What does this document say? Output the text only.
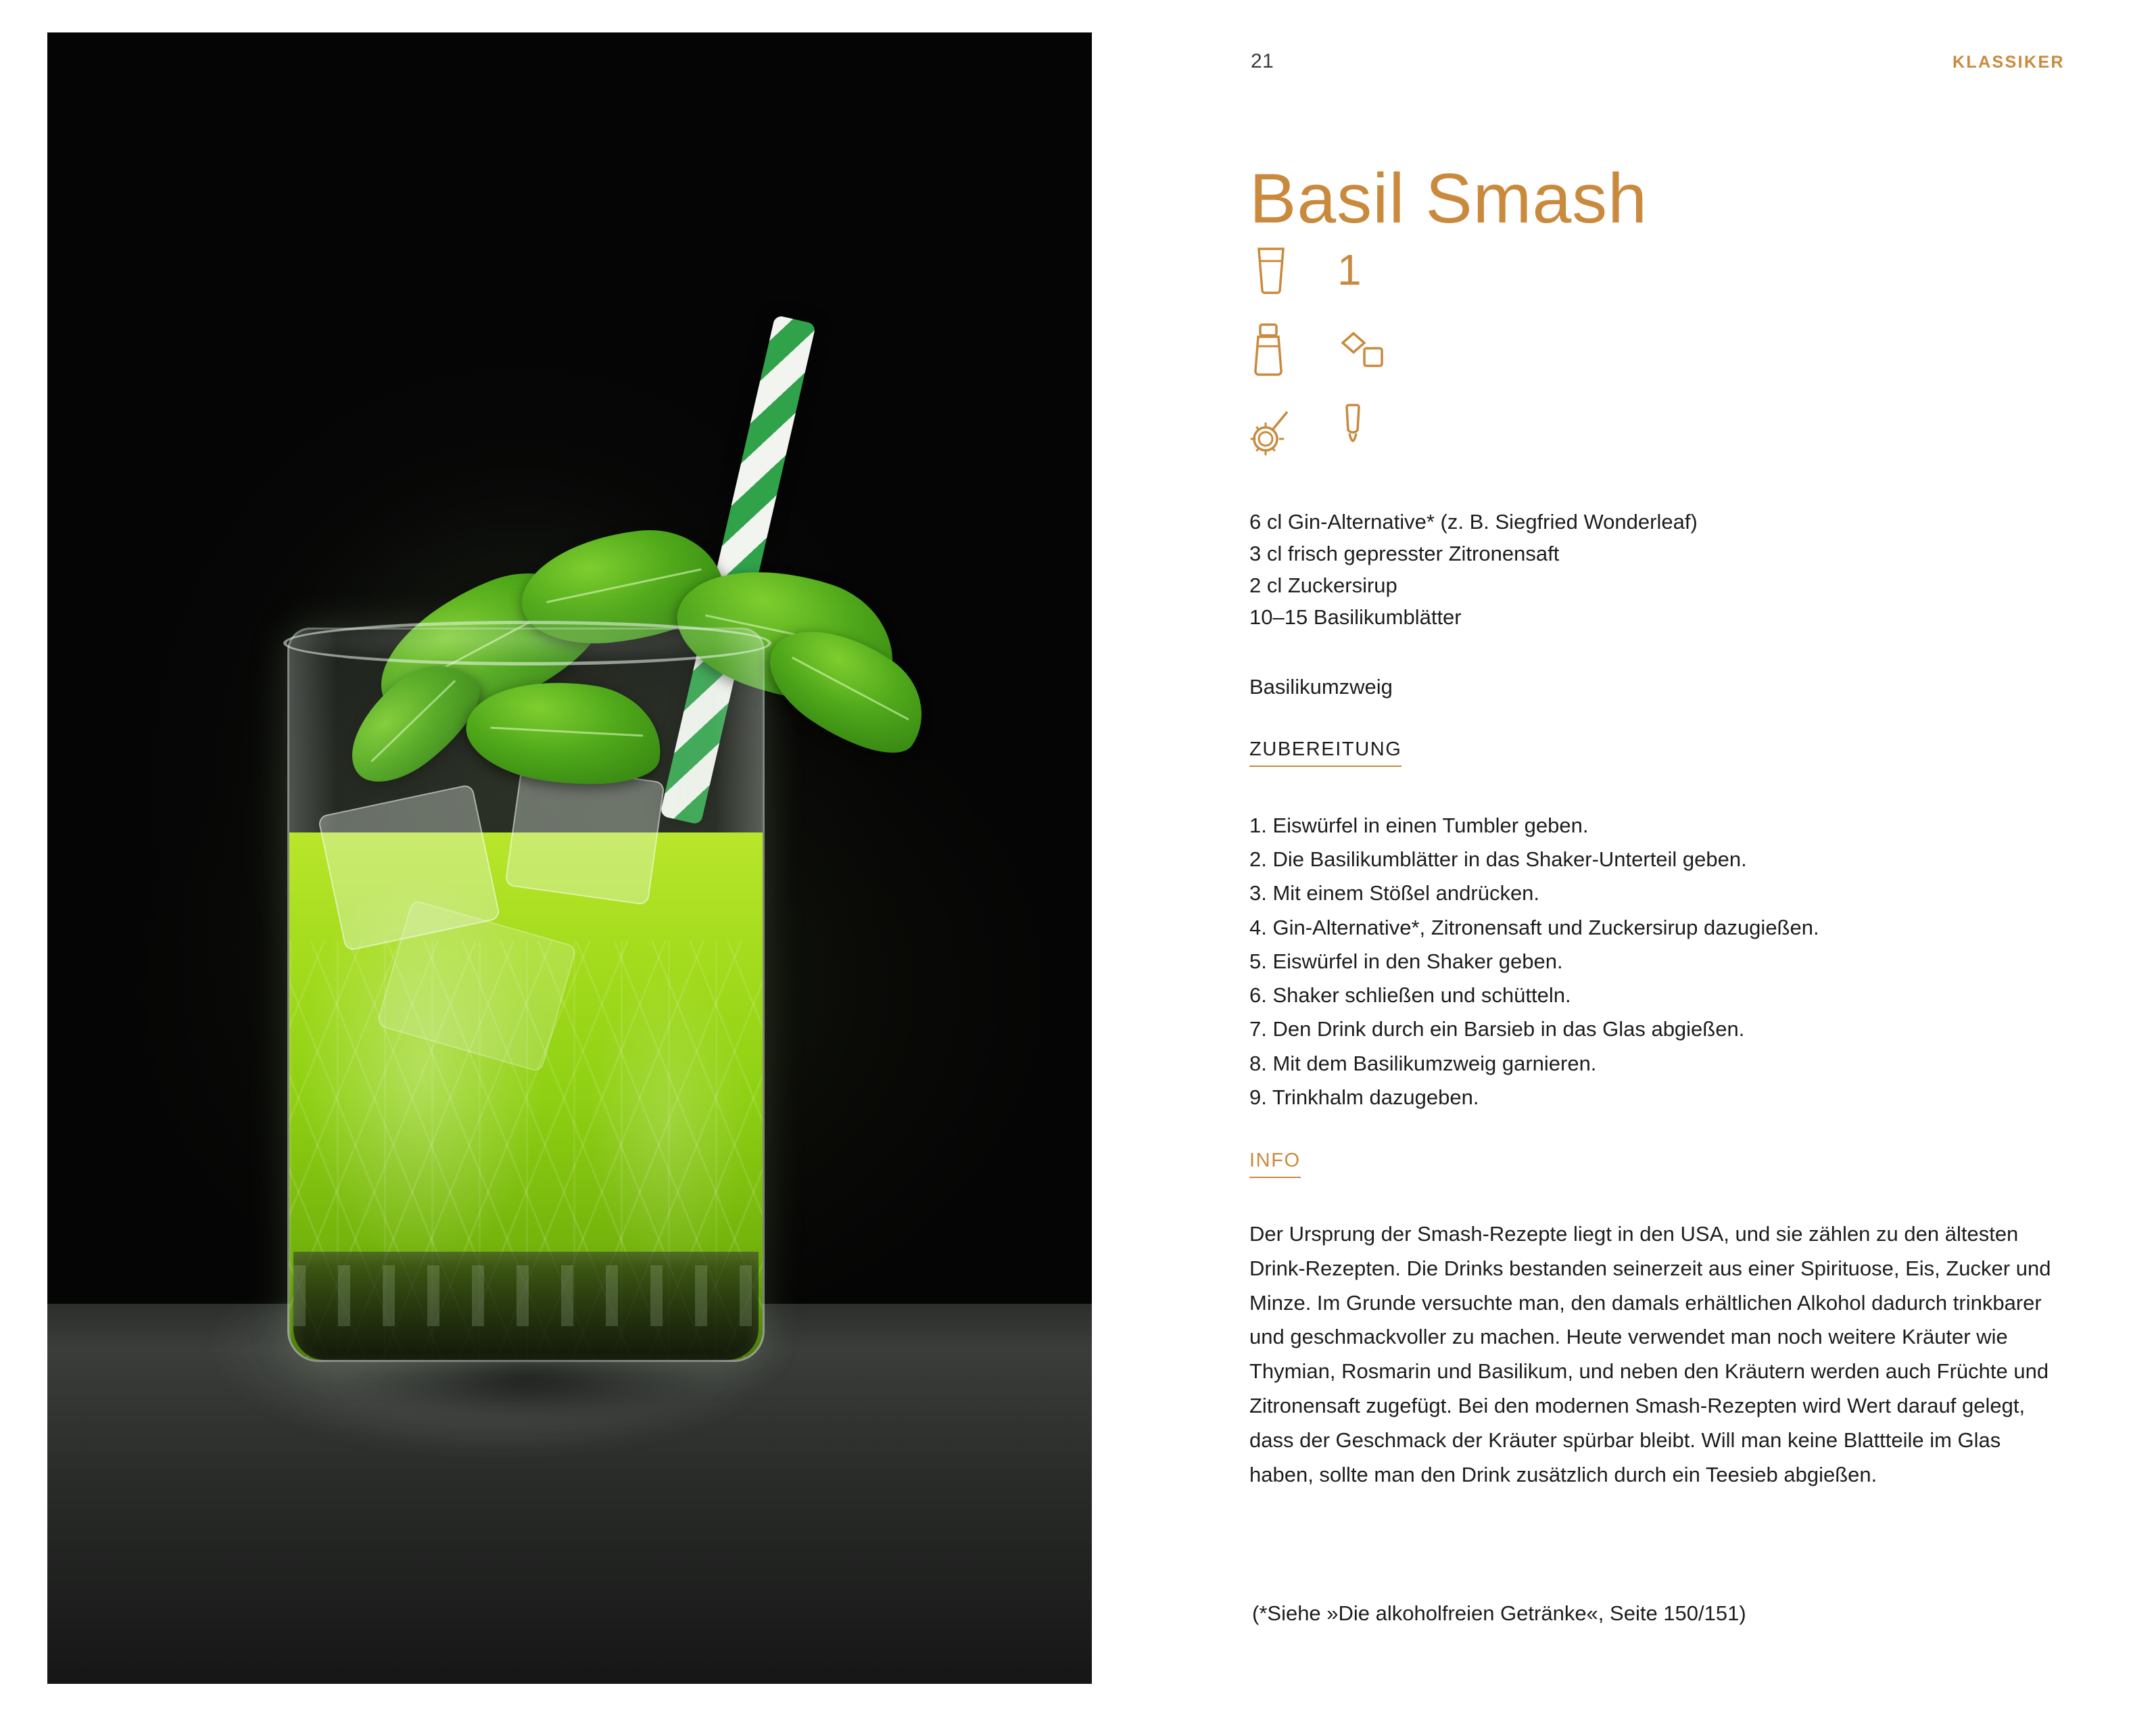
21	KLASSIKER
Basil Smash
1
6 cl Gin-Alternative* (z. B. Siegfried Wonderleaf)
3 cl frisch gepresster Zitronensaft
2 cl Zuckersirup
10–15 Basilikumblätter
Basilikumzweig
ZUBEREITUNG
1. Eiswürfel in einen Tumbler geben.
2. Die Basilikumblätter in das Shaker-Unterteil geben.
3. Mit einem Stößel andrücken.
4. Gin-Alternative*, Zitronensaft und Zuckersirup dazugießen.
5. Eiswürfel in den Shaker geben.
6. Shaker schließen und schütteln.
7. Den Drink durch ein Barsieb in das Glas abgießen.
8. Mit dem Basilikumzweig garnieren.
9. Trinkhalm dazugeben.
INFO
Der Ursprung der Smash-Rezepte liegt in den USA, und sie zählen zu den ältesten Drink-Rezepten. Die Drinks bestanden seinerzeit aus einer Spirituose, Eis, Zucker und Minze. Im Grunde versuchte man, den damals erhältlichen Alkohol dadurch trinkbarer und geschmackvoller zu machen. Heute verwendet man noch weitere Kräuter wie Thymian, Rosmarin und Basilikum, und neben den Kräutern werden auch Früchte und Zitronensaft zugefügt. Bei den modernen Smash-Rezepten wird Wert darauf gelegt, dass der Geschmack der Kräuter spürbar bleibt. Will man keine Blattteile im Glas haben, sollte man den Drink zusätzlich durch ein Teesieb abgießen.
(*Siehe »Die alkoholfreien Getränke«, Seite 150/151)
